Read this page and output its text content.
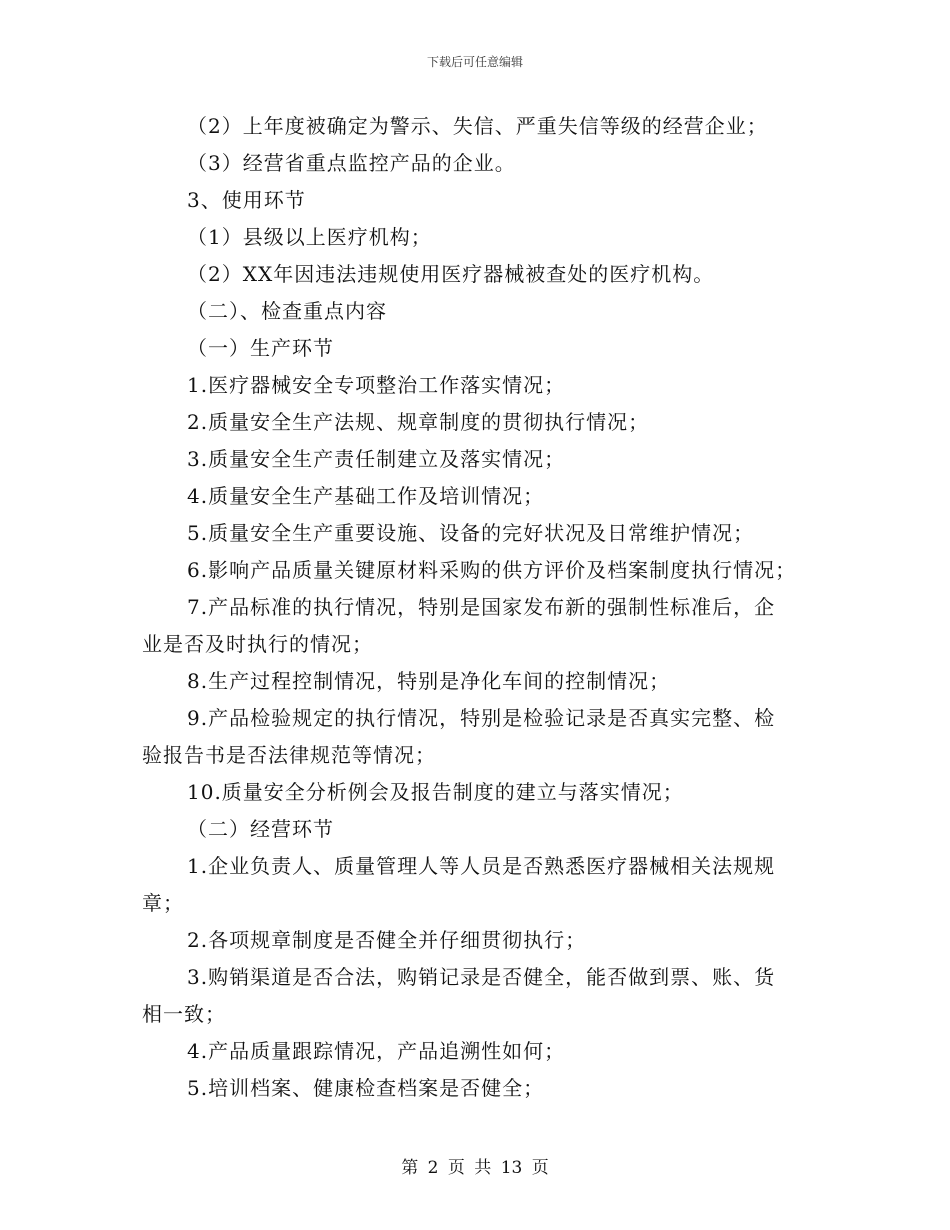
下载后可任意编辑
（2）上年度被确定为警示、失信、严重失信等级的经营企业；
（3）经营省重点监控产品的企业。
3、使用环节
（1）县级以上医疗机构；
（2）XX年因违法违规使用医疗器械被查处的医疗机构。
（二）、检查重点内容
（一）生产环节
1.医疗器械安全专项整治工作落实情况；
2.质量安全生产法规、规章制度的贯彻执行情况；
3.质量安全生产责任制建立及落实情况；
4.质量安全生产基础工作及培训情况；
5.质量安全生产重要设施、设备的完好状况及日常维护情况；
6.影响产品质量关键原材料采购的供方评价及档案制度执行情况；
7.产品标准的执行情况，特别是国家发布新的强制性标准后，企
业是否及时执行的情况；
8.生产过程控制情况，特别是净化车间的控制情况；
9.产品检验规定的执行情况，特别是检验记录是否真实完整、检
验报告书是否法律规范等情况；
10.质量安全分析例会及报告制度的建立与落实情况；
（二）经营环节
1.企业负责人、质量管理人等人员是否熟悉医疗器械相关法规规
章；
2.各项规章制度是否健全并仔细贯彻执行；
3.购销渠道是否合法，购销记录是否健全，能否做到票、账、货
相一致；
4.产品质量跟踪情况，产品追溯性如何；
5.培训档案、健康检查档案是否健全；
第 2 页 共 13 页
